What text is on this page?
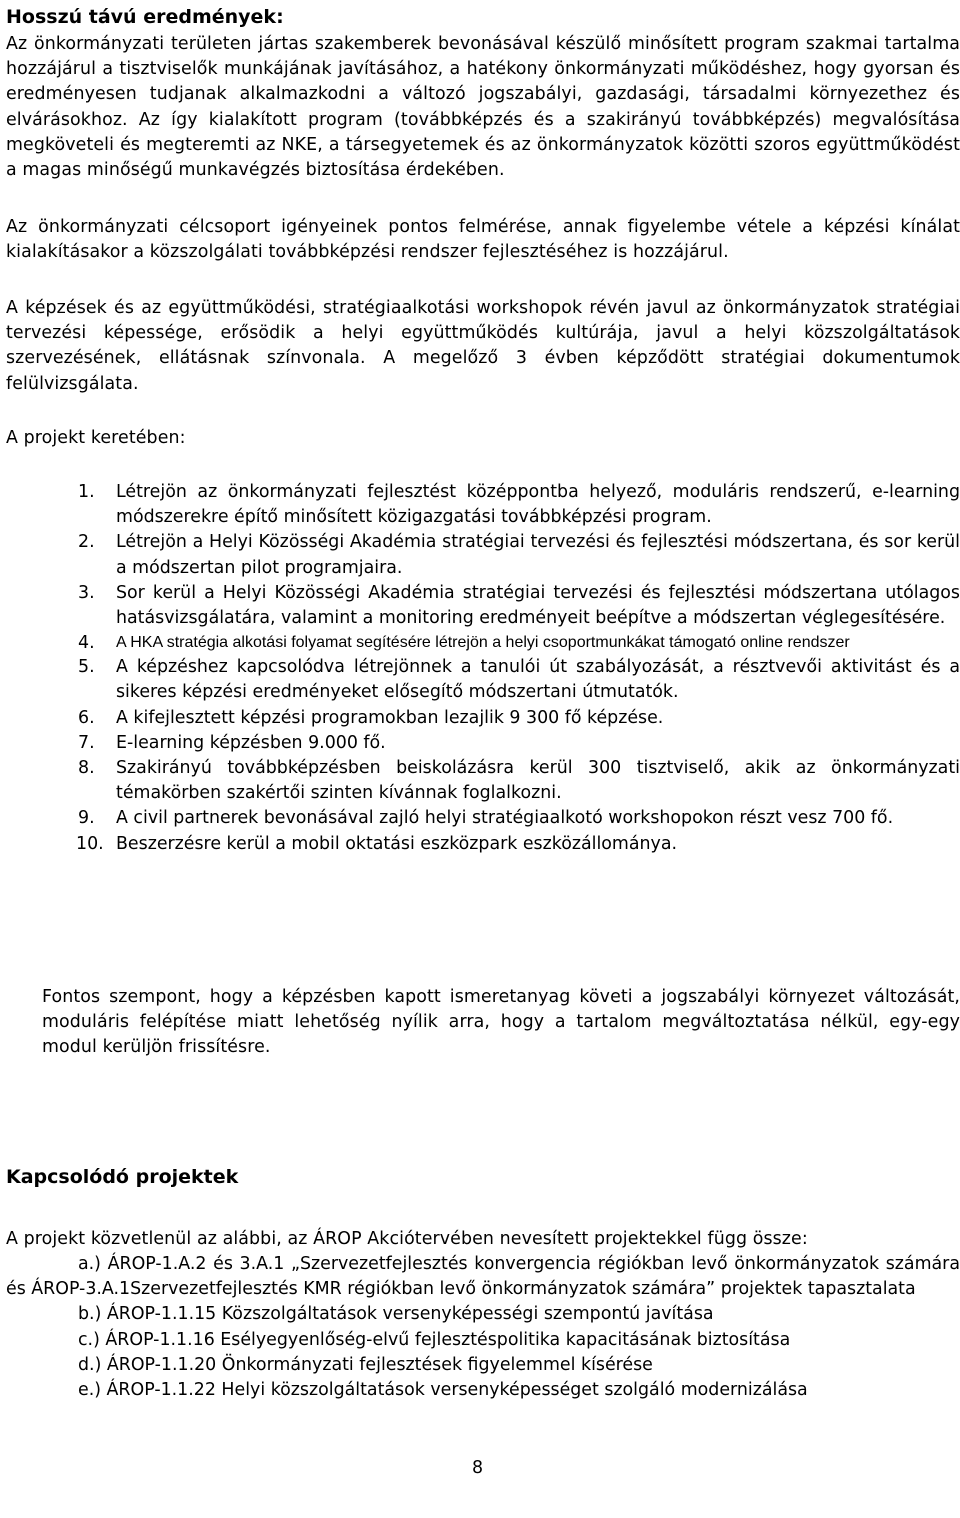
Hosszú távú eredmények:

Az önkormányzati területen jártas szakemberek bevonásával készülő minősített program szakmai tartalma hozzájárul a tisztviselők munkájának javításához, a hatékony önkormányzati működéshez, hogy gyorsan és eredményesen tudjanak alkalmazkodni a változó jogszabályi, gazdasági, társadalmi környezethez és elvárásokhoz. Az így kialakított program (továbbképzés és a szakirányú továbbképzés) megvalósítása megköveteli és megteremti az NKE, a társegyetemek és az önkormányzatok közötti szoros együttműködést a magas minőségű munkavégzés biztosítása érdekében.

Az önkormányzati célcsoport igényeinek pontos felmérése, annak figyelembe vétele a képzési kínálat kialakításakor a közszolgálati továbbképzési rendszer fejlesztéséhez is hozzájárul.

A képzések és az együttműködési, stratégiaalkotási workshopok révén javul az önkormányzatok stratégiai tervezési képessége, erősödik a helyi együttműködés kultúrája, javul a helyi közszolgáltatások szervezésének, ellátásnak színvonala. A megelőző 3 évben képződött stratégiai dokumentumok felülvizsgálata.

A projekt keretében:

1. Létrejön az önkormányzati fejlesztést középpontba helyező, moduláris rendszerű, e-learning módszerekre építő minősített közigazgatási továbbképzési program.
2. Létrejön a Helyi Közösségi Akadémia stratégiai tervezési és fejlesztési módszertana, és sor kerül a módszertan pilot programjaira.
3. Sor kerül a Helyi Közösségi Akadémia stratégiai tervezési és fejlesztési módszertana utólagos hatásvizsgálatára, valamint a monitoring eredményeit beépítve a módszertan véglegesítésére.
4. A HKA stratégia alkotási folyamat segítésére létrejön a helyi csoportmunkákat támogató online rendszer
5. A képzéshez kapcsolódva létrejönnek a tanulói út szabályozását, a résztvevői aktivitást és a sikeres képzési eredményeket elősegítő módszertani útmutatók.
6. A kifejlesztett képzési programokban lezajlik 9 300 fő képzése.
7. E-learning képzésben 9.000 fő.
8. Szakirányú továbbképzésben beiskolázásra kerül 300 tisztviselő, akik az önkormányzati témakörben szakértői szinten kívánnak foglalkozni.
9. A civil partnerek bevonásával zajló helyi stratégiaalkotó workshopokon részt vesz 700 fő.
10. Beszerzésre kerül a mobil oktatási eszközpark eszközállománya.

Fontos szempont, hogy a képzésben kapott ismeretanyag követi a jogszabályi környezet változását, moduláris felépítése miatt lehetőség nyílik arra, hogy a tartalom megváltoztatása nélkül, egy-egy modul kerüljön frissítésre.

Kapcsolódó projektek

A projekt közvetlenül az alábbi, az ÁROP Akciótervében nevesített projektekkel függ össze:

a.) ÁROP-1.A.2 és 3.A.1 „Szervezetfejlesztés konvergencia régiókban levő önkormányzatok számára és ÁROP-3.A.1Szervezetfejlesztés KMR régiókban levő önkormányzatok számára” projektek tapasztalata
b.) ÁROP-1.1.15 Közszolgáltatások versenyképességi szempontú javítása
c.) ÁROP-1.1.16 Esélyegyenlőség-elvű fejlesztéspolitika kapacitásának biztosítása
d.) ÁROP-1.1.20 Önkormányzati fejlesztések figyelemmel kísérése
e.) ÁROP-1.1.22 Helyi közszolgáltatások versenyképességet szolgáló modernizálása
8
